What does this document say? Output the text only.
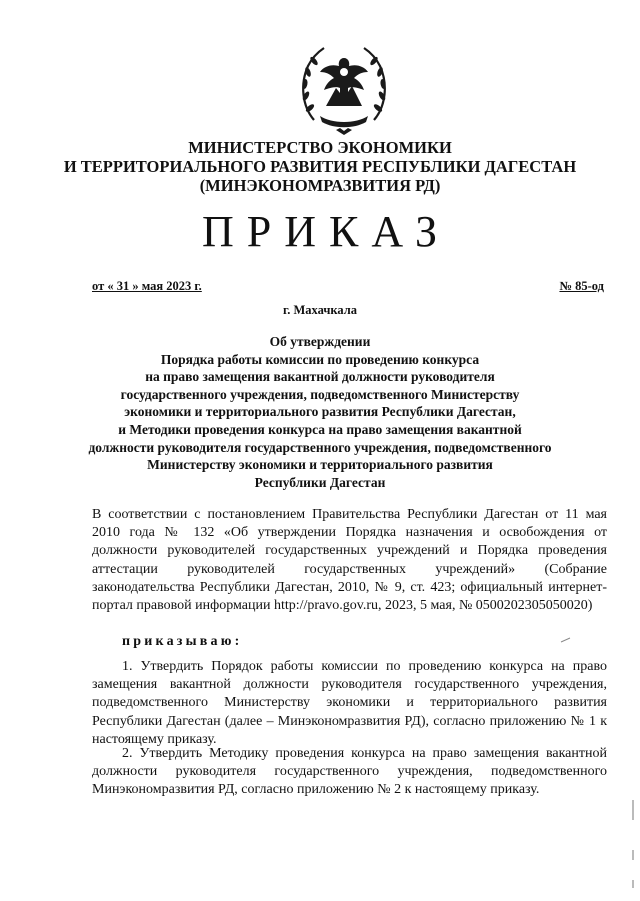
МИНИСТЕРСТВО ЭКОНОМИКИ
И ТЕРРИТОРИАЛЬНОГО РАЗВИТИЯ РЕСПУБЛИКИ ДАГЕСТАН
(МИНЭКОНОМРАЗВИТИЯ РД)
ПРИКАЗ
от « 31 » мая 2023 г.	№ 85-од
г. Махачкала
Об утверждении
Порядка работы комиссии по проведению конкурса
на право замещения вакантной должности руководителя
государственного учреждения, подведомственного Министерству
экономики и территориального развития Республики Дагестан,
и Методики проведения конкурса на право замещения вакантной
должности руководителя государственного учреждения, подведомственного
Министерству экономики и территориального развития
Республики Дагестан
В соответствии с постановлением Правительства Республики Дагестан от 11 мая 2010 года № 132 «Об утверждении Порядка назначения и освобождения от должности руководителей государственных учреждений и Порядка проведения аттестации руководителей государственных учреждений» (Собрание законодательства Республики Дагестан, 2010, № 9, ст. 423; официальный интернет-портал правовой информации http://pravo.gov.ru, 2023, 5 мая, № 0500202305050020)
приказываю:
1. Утвердить Порядок работы комиссии по проведению конкурса на право замещения вакантной должности руководителя государственного учреждения, подведомственного Министерству экономики и территориального развития Республики Дагестан (далее – Минэкономразвития РД), согласно приложению № 1 к настоящему приказу.
2. Утвердить Методику проведения конкурса на право замещения вакантной должности руководителя государственного учреждения, подведомственного Минэкономразвития РД, согласно приложению № 2 к настоящему приказу.
